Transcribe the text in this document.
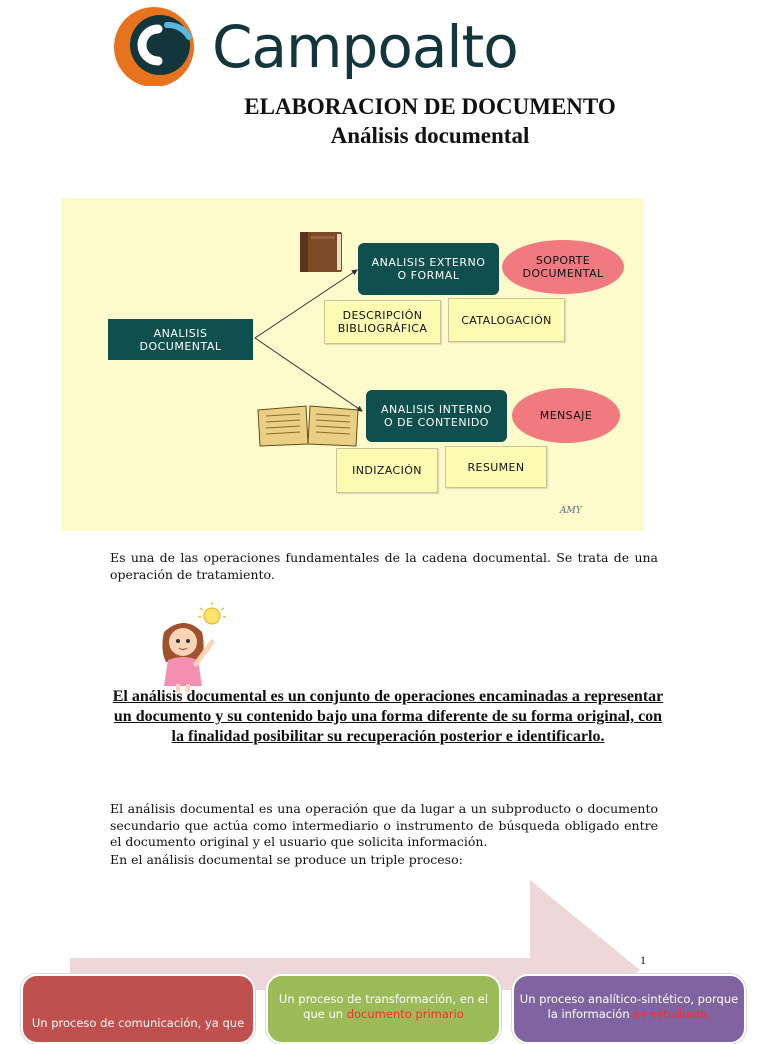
Campoalto
ELABORACION DE DOCUMENTO
Análisis documental
ANALISIS
DOCUMENTAL
ANALISIS EXTERNO
O FORMAL
SOPORTE
DOCUMENTAL
DESCRIPCIÓN
BIBLIOGRÁFICA
CATALOGACIÓN
ANALISIS INTERNO
O DE CONTENIDO
MENSAJE
INDIZACIÓN	RESUMEN
AMY
Es una de las operaciones fundamentales de la cadena documental. Se trata de una operación de tratamiento.
El análisis documental es un conjunto de operaciones encaminadas a representar un documento y su contenido bajo una forma diferente de su forma original, con la finalidad posibilitar su recuperación posterior e identificarlo.
El análisis documental es una operación que da lugar a un subproducto o documento secundario que actúa como intermediario o instrumento de búsqueda obligado entre el documento original y el usuario que solicita información.
En el análisis documental se produce un triple proceso:
1
Un proceso de comunicación, ya que
Un proceso de transformación, en el que un documento primario
Un proceso analítico-sintético, porque la información es estudiada,
